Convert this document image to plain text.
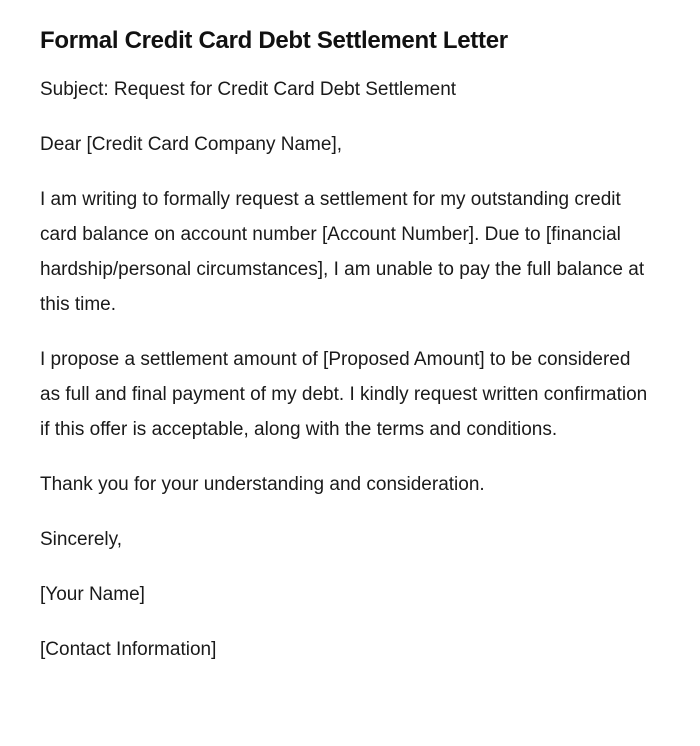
Formal Credit Card Debt Settlement Letter

Subject: Request for Credit Card Debt Settlement

Dear [Credit Card Company Name],

I am writing to formally request a settlement for my outstanding credit card balance on account number [Account Number]. Due to [financial hardship/personal circumstances], I am unable to pay the full balance at this time.

I propose a settlement amount of [Proposed Amount] to be considered as full and final payment of my debt. I kindly request written confirmation if this offer is acceptable, along with the terms and conditions.

Thank you for your understanding and consideration.

Sincerely,

[Your Name]

[Contact Information]
